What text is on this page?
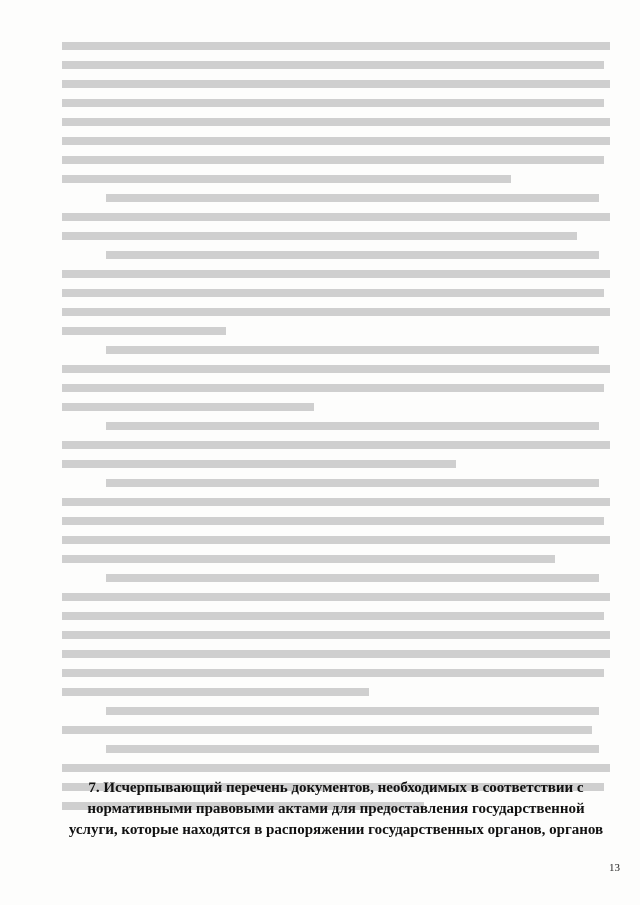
7. Исчерпывающий перечень документов, необходимых в соответствии с нормативными правовыми актами для предоставления государственной услуги, которые находятся в распоряжении государственных органов, органов
13
